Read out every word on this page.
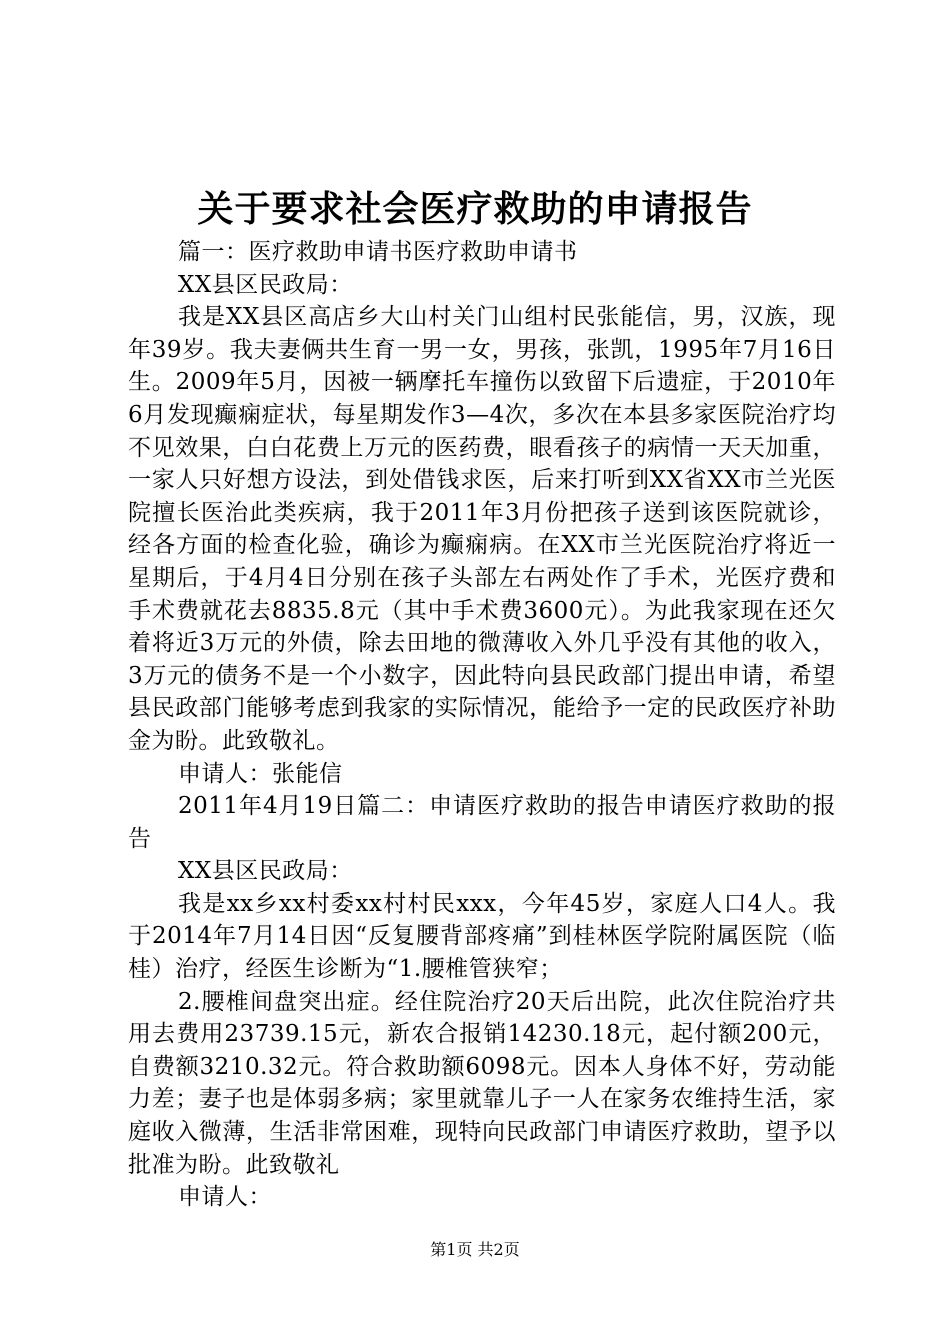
关于要求社会医疗救助的申请报告

篇一：医疗救助申请书医疗救助申请书

XX县区民政局：

我是XX县区高店乡大山村关门山组村民张能信，男，汉族，现年39岁。我夫妻俩共生育一男一女，男孩，张凯，1995年7月16日生。2009年5月，因被一辆摩托车撞伤以致留下后遗症，于2010年6月发现癫痫症状，每星期发作3—4次，多次在本县多家医院治疗均不见效果，白白花费上万元的医药费，眼看孩子的病情一天天加重，一家人只好想方设法，到处借钱求医，后来打听到XX省XX市兰光医院擅长医治此类疾病，我于2011年3月份把孩子送到该医院就诊，经各方面的检查化验，确诊为癫痫病。在XX市兰光医院治疗将近一星期后，于4月4日分别在孩子头部左右两处作了手术，光医疗费和手术费就花去8835.8元（其中手术费3600元）。为此我家现在还欠着将近3万元的外债，除去田地的微薄收入外几乎没有其他的收入，3万元的债务不是一个小数字，因此特向县民政部门提出申请，希望县民政部门能够考虑到我家的实际情况，能给予一定的民政医疗补助金为盼。此致敬礼。

申请人：张能信

2011年4月19日篇二：申请医疗救助的报告申请医疗救助的报告

XX县区民政局：

我是xx乡xx村委xx村村民xxx，今年45岁，家庭人口4人。我于2014年7月14日因“反复腰背部疼痛”到桂林医学院附属医院（临桂）治疗，经医生诊断为“1.腰椎管狭窄；

2.腰椎间盘突出症。经住院治疗20天后出院，此次住院治疗共用去费用23739.15元，新农合报销14230.18元，起付额200元，自费额3210.32元。符合救助额6098元。因本人身体不好，劳动能力差；妻子也是体弱多病；家里就靠儿子一人在家务农维持生活，家庭收入微薄，生活非常困难，现特向民政部门申请医疗救助，望予以批准为盼。此致敬礼

申请人：

第1页 共2页
